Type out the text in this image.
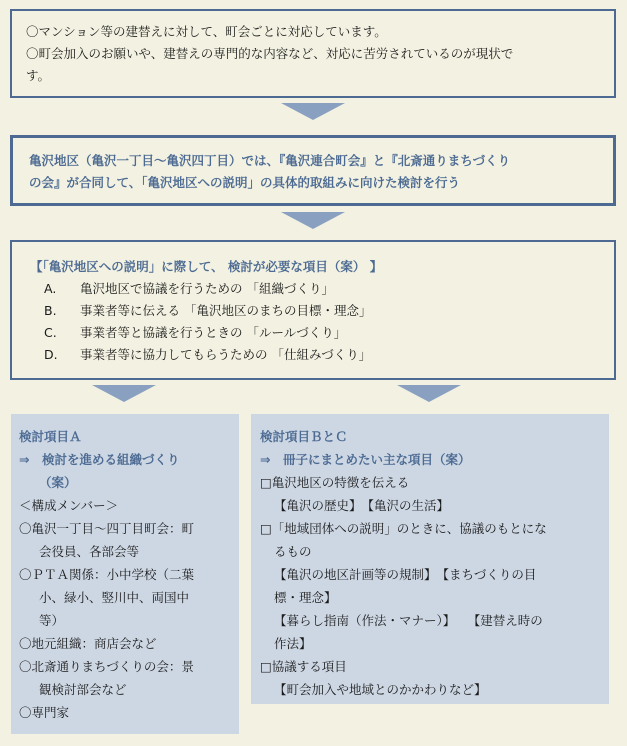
〇マンション等の建替えに対して、町会ごとに対応しています。
〇町会加入のお願いや、建替えの専門的な内容など、対応に苦労されているのが現状で
す。
亀沢地区（亀沢一丁目～亀沢四丁目）では、『亀沢連合町会』と『北斎通りまちづくり
の会』が合同して、「亀沢地区への説明」の具体的取組みに向けた検討を行う
【「亀沢地区への説明」に際して、 検討が必要な項目（案） 】
A. 亀沢地区で協議を行うための 「組織づくり」
B. 事業者等に伝える 「亀沢地区のまちの目標・理念」
C. 事業者等と協議を行うときの 「ルールづくり」
D. 事業者等に協力してもらうための 「仕組みづくり」
検討項目Ａ
⇒　検討を進める組織づくり
（案）
＜構成メンバー＞
〇亀沢一丁目～四丁目町会：町
会役員、各部会等
〇ＰＴＡ関係：小中学校（二葉
小、緑小、竪川中、両国中
等）
〇地元組織：商店会など
〇北斎通りまちづくりの会：景
観検討部会など
〇専門家
検討項目ＢとＣ
⇒　冊子にまとめたい主な項目（案）
□亀沢地区の特徴を伝える
【亀沢の歴史】　【亀沢の生活】
□「地域団体への説明」のときに、協議のもとにな
るもの
【亀沢の地区計画等の規制】　【まちづくりの目
標・理念】
【暮らし指南（作法・マナー）】　　【建替え時の
作法】
□協議する項目
【町会加入や地域とのかかわりなど】
